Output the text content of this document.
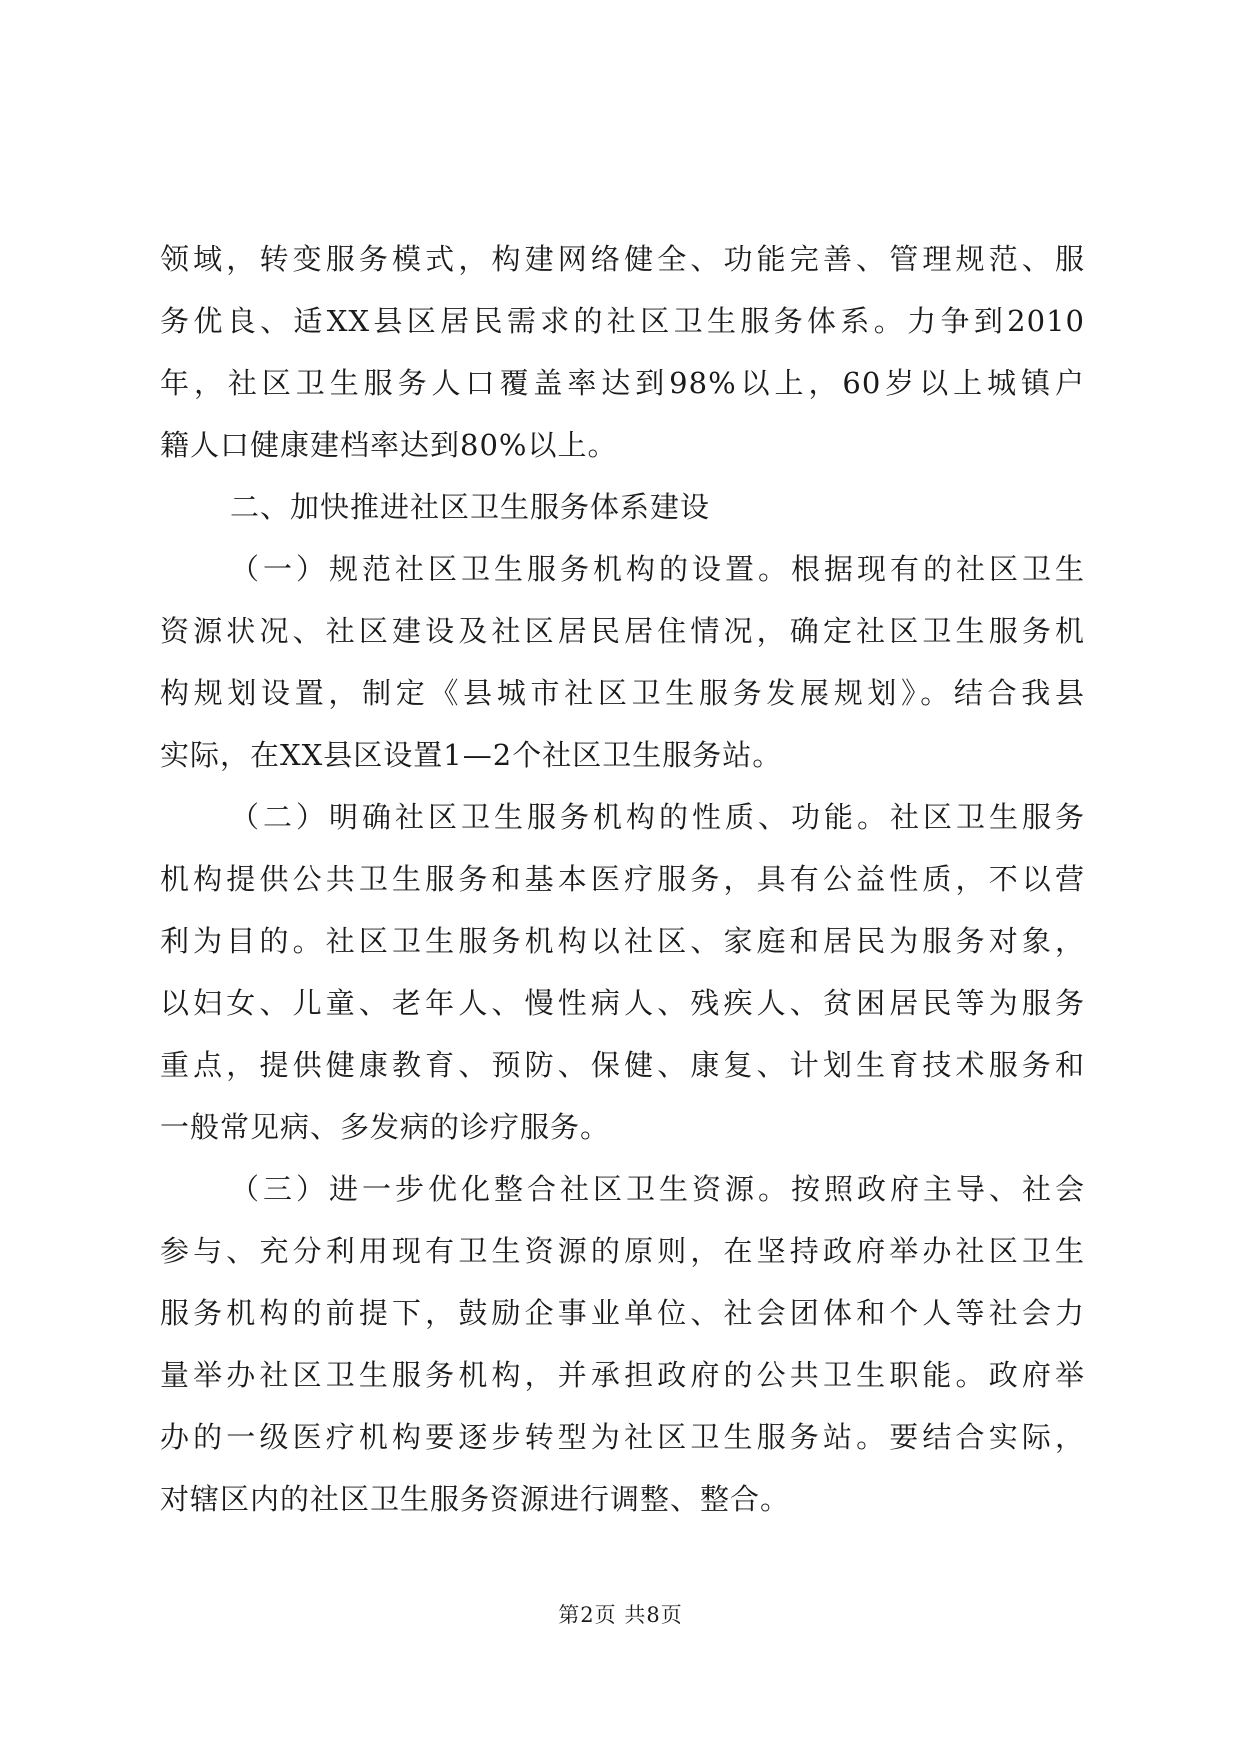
领域，转变服务模式，构建网络健全、功能完善、管理规范、服
务优良、适XX县区居民需求的社区卫生服务体系。力争到2010
年，社区卫生服务人口覆盖率达到98%以上，60岁以上城镇户
籍人口健康建档率达到80%以上。
二、加快推进社区卫生服务体系建设
（一）规范社区卫生服务机构的设置。根据现有的社区卫生
资源状况、社区建设及社区居民居住情况，确定社区卫生服务机
构规划设置，制定《县城市社区卫生服务发展规划》。结合我县
实际，在XX县区设置1—2个社区卫生服务站。
（二）明确社区卫生服务机构的性质、功能。社区卫生服务
机构提供公共卫生服务和基本医疗服务，具有公益性质，不以营
利为目的。社区卫生服务机构以社区、家庭和居民为服务对象，
以妇女、儿童、老年人、慢性病人、残疾人、贫困居民等为服务
重点，提供健康教育、预防、保健、康复、计划生育技术服务和
一般常见病、多发病的诊疗服务。
（三）进一步优化整合社区卫生资源。按照政府主导、社会
参与、充分利用现有卫生资源的原则，在坚持政府举办社区卫生
服务机构的前提下，鼓励企事业单位、社会团体和个人等社会力
量举办社区卫生服务机构，并承担政府的公共卫生职能。政府举
办的一级医疗机构要逐步转型为社区卫生服务站。要结合实际，
对辖区内的社区卫生服务资源进行调整、整合。
第2页 共8页
